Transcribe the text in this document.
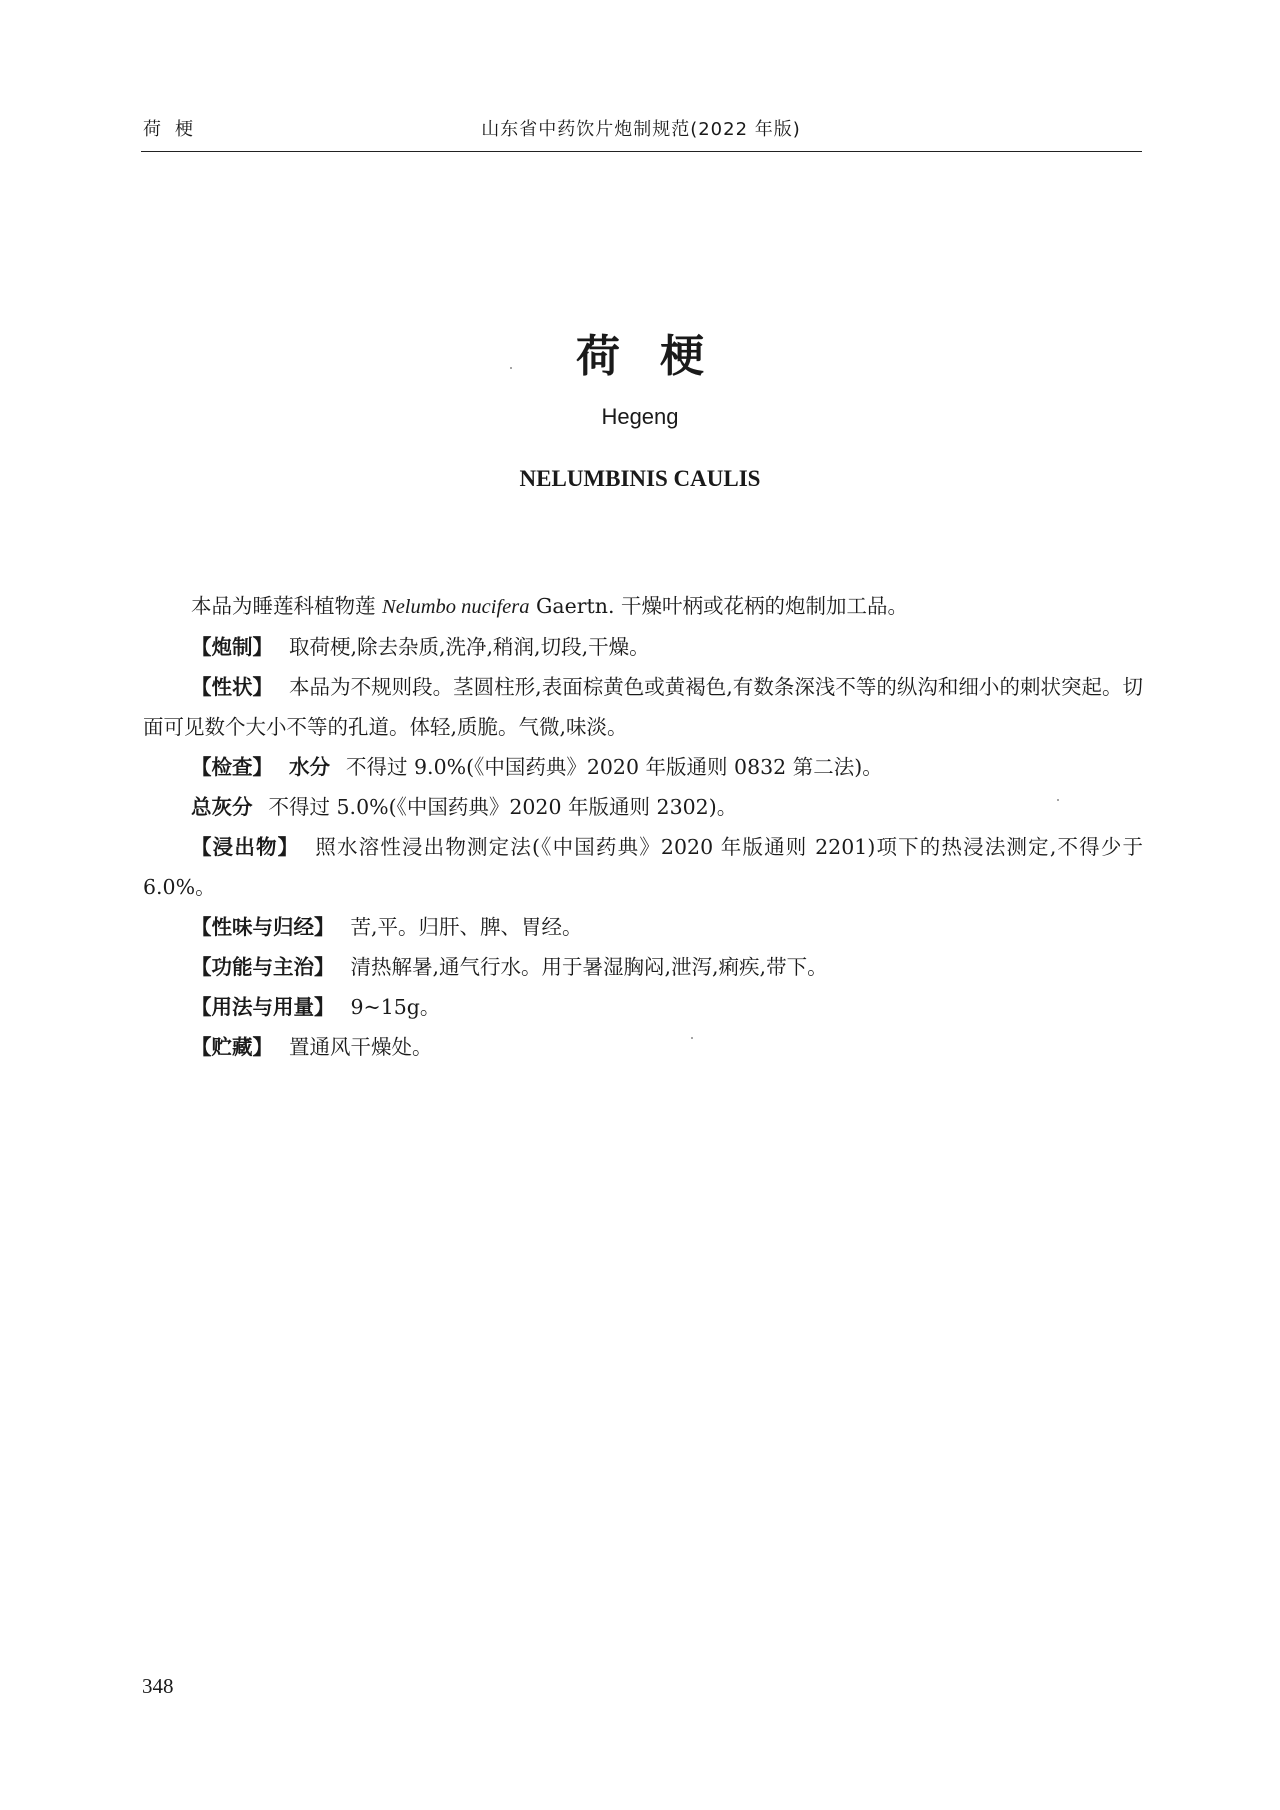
荷梗	山东省中药饮片炮制规范(2022 年版)
荷梗
Hegeng
NELUMBINIS CAULIS

本品为睡莲科植物莲 Nelumbo nucifera Gaertn. 干燥叶柄或花柄的炮制加工品。

【炮制】 取荷梗,除去杂质,洗净,稍润,切段,干燥。

【性状】 本品为不规则段。茎圆柱形,表面棕黄色或黄褐色,有数条深浅不等的纵沟和细小的刺状突起。切面可见数个大小不等的孔道。体轻,质脆。气微,味淡。

【检查】 水分 不得过 9.0%(《中国药典》2020 年版通则 0832 第二法)。

总灰分 不得过 5.0%(《中国药典》2020 年版通则 2302)。

【浸出物】 照水溶性浸出物测定法(《中国药典》2020 年版通则 2201)项下的热浸法测定,不得少于 6.0%。

【性味与归经】 苦,平。归肝、脾、胃经。

【功能与主治】 清热解暑,通气行水。用于暑湿胸闷,泄泻,痢疾,带下。

【用法与用量】 9~15g。

【贮藏】 置通风干燥处。

348
